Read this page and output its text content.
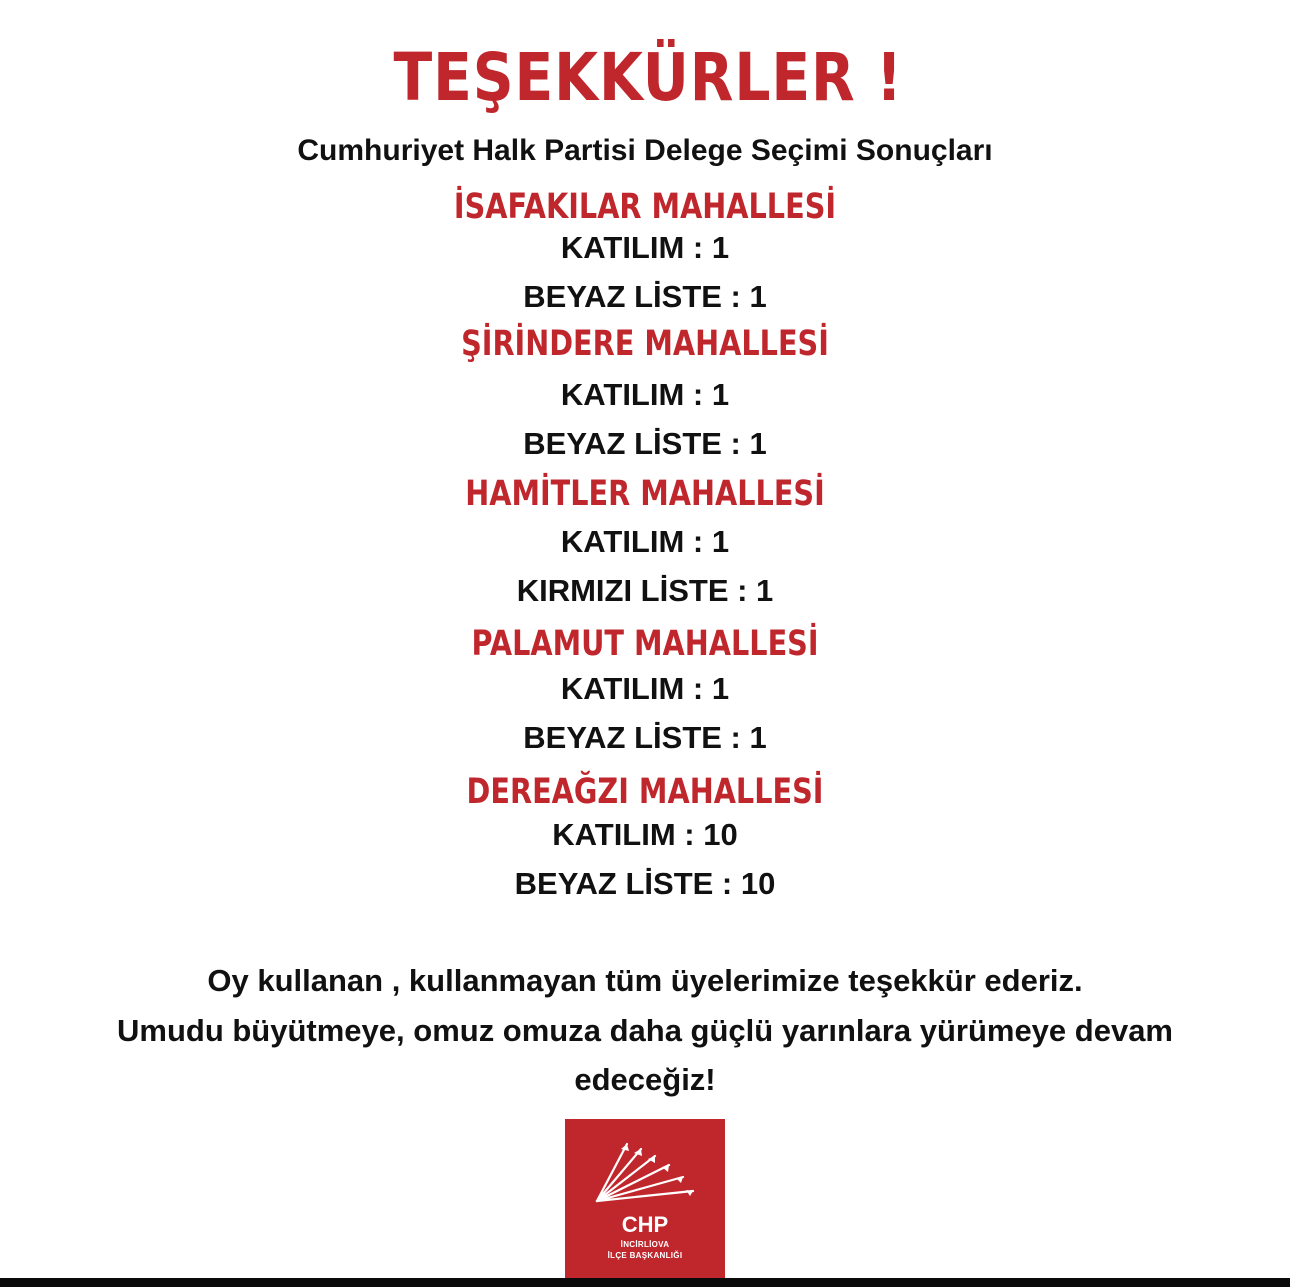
TEŞEKKÜRLER !
Cumhuriyet Halk Partisi Delege Seçimi Sonuçları
İSAFAKILAR MAHALLESİ
KATILIM : 1
BEYAZ LİSTE : 1
ŞİRİNDERE MAHALLESİ
KATILIM : 1
BEYAZ LİSTE : 1
HAMİTLER MAHALLESİ
KATILIM : 1
KIRMIZI LİSTE : 1
PALAMUT MAHALLESİ
KATILIM : 1
BEYAZ LİSTE : 1
DEREAĞZI MAHALLESİ
KATILIM : 10
BEYAZ LİSTE : 10
Oy kullanan , kullanmayan tüm üyelerimize teşekkür ederiz.
Umudu büyütmeye, omuz omuza daha güçlü yarınlara yürümeye devam
edeceğiz!
CHP
İNCİRLİOVA
İLÇE BAŞKANLIĞI
